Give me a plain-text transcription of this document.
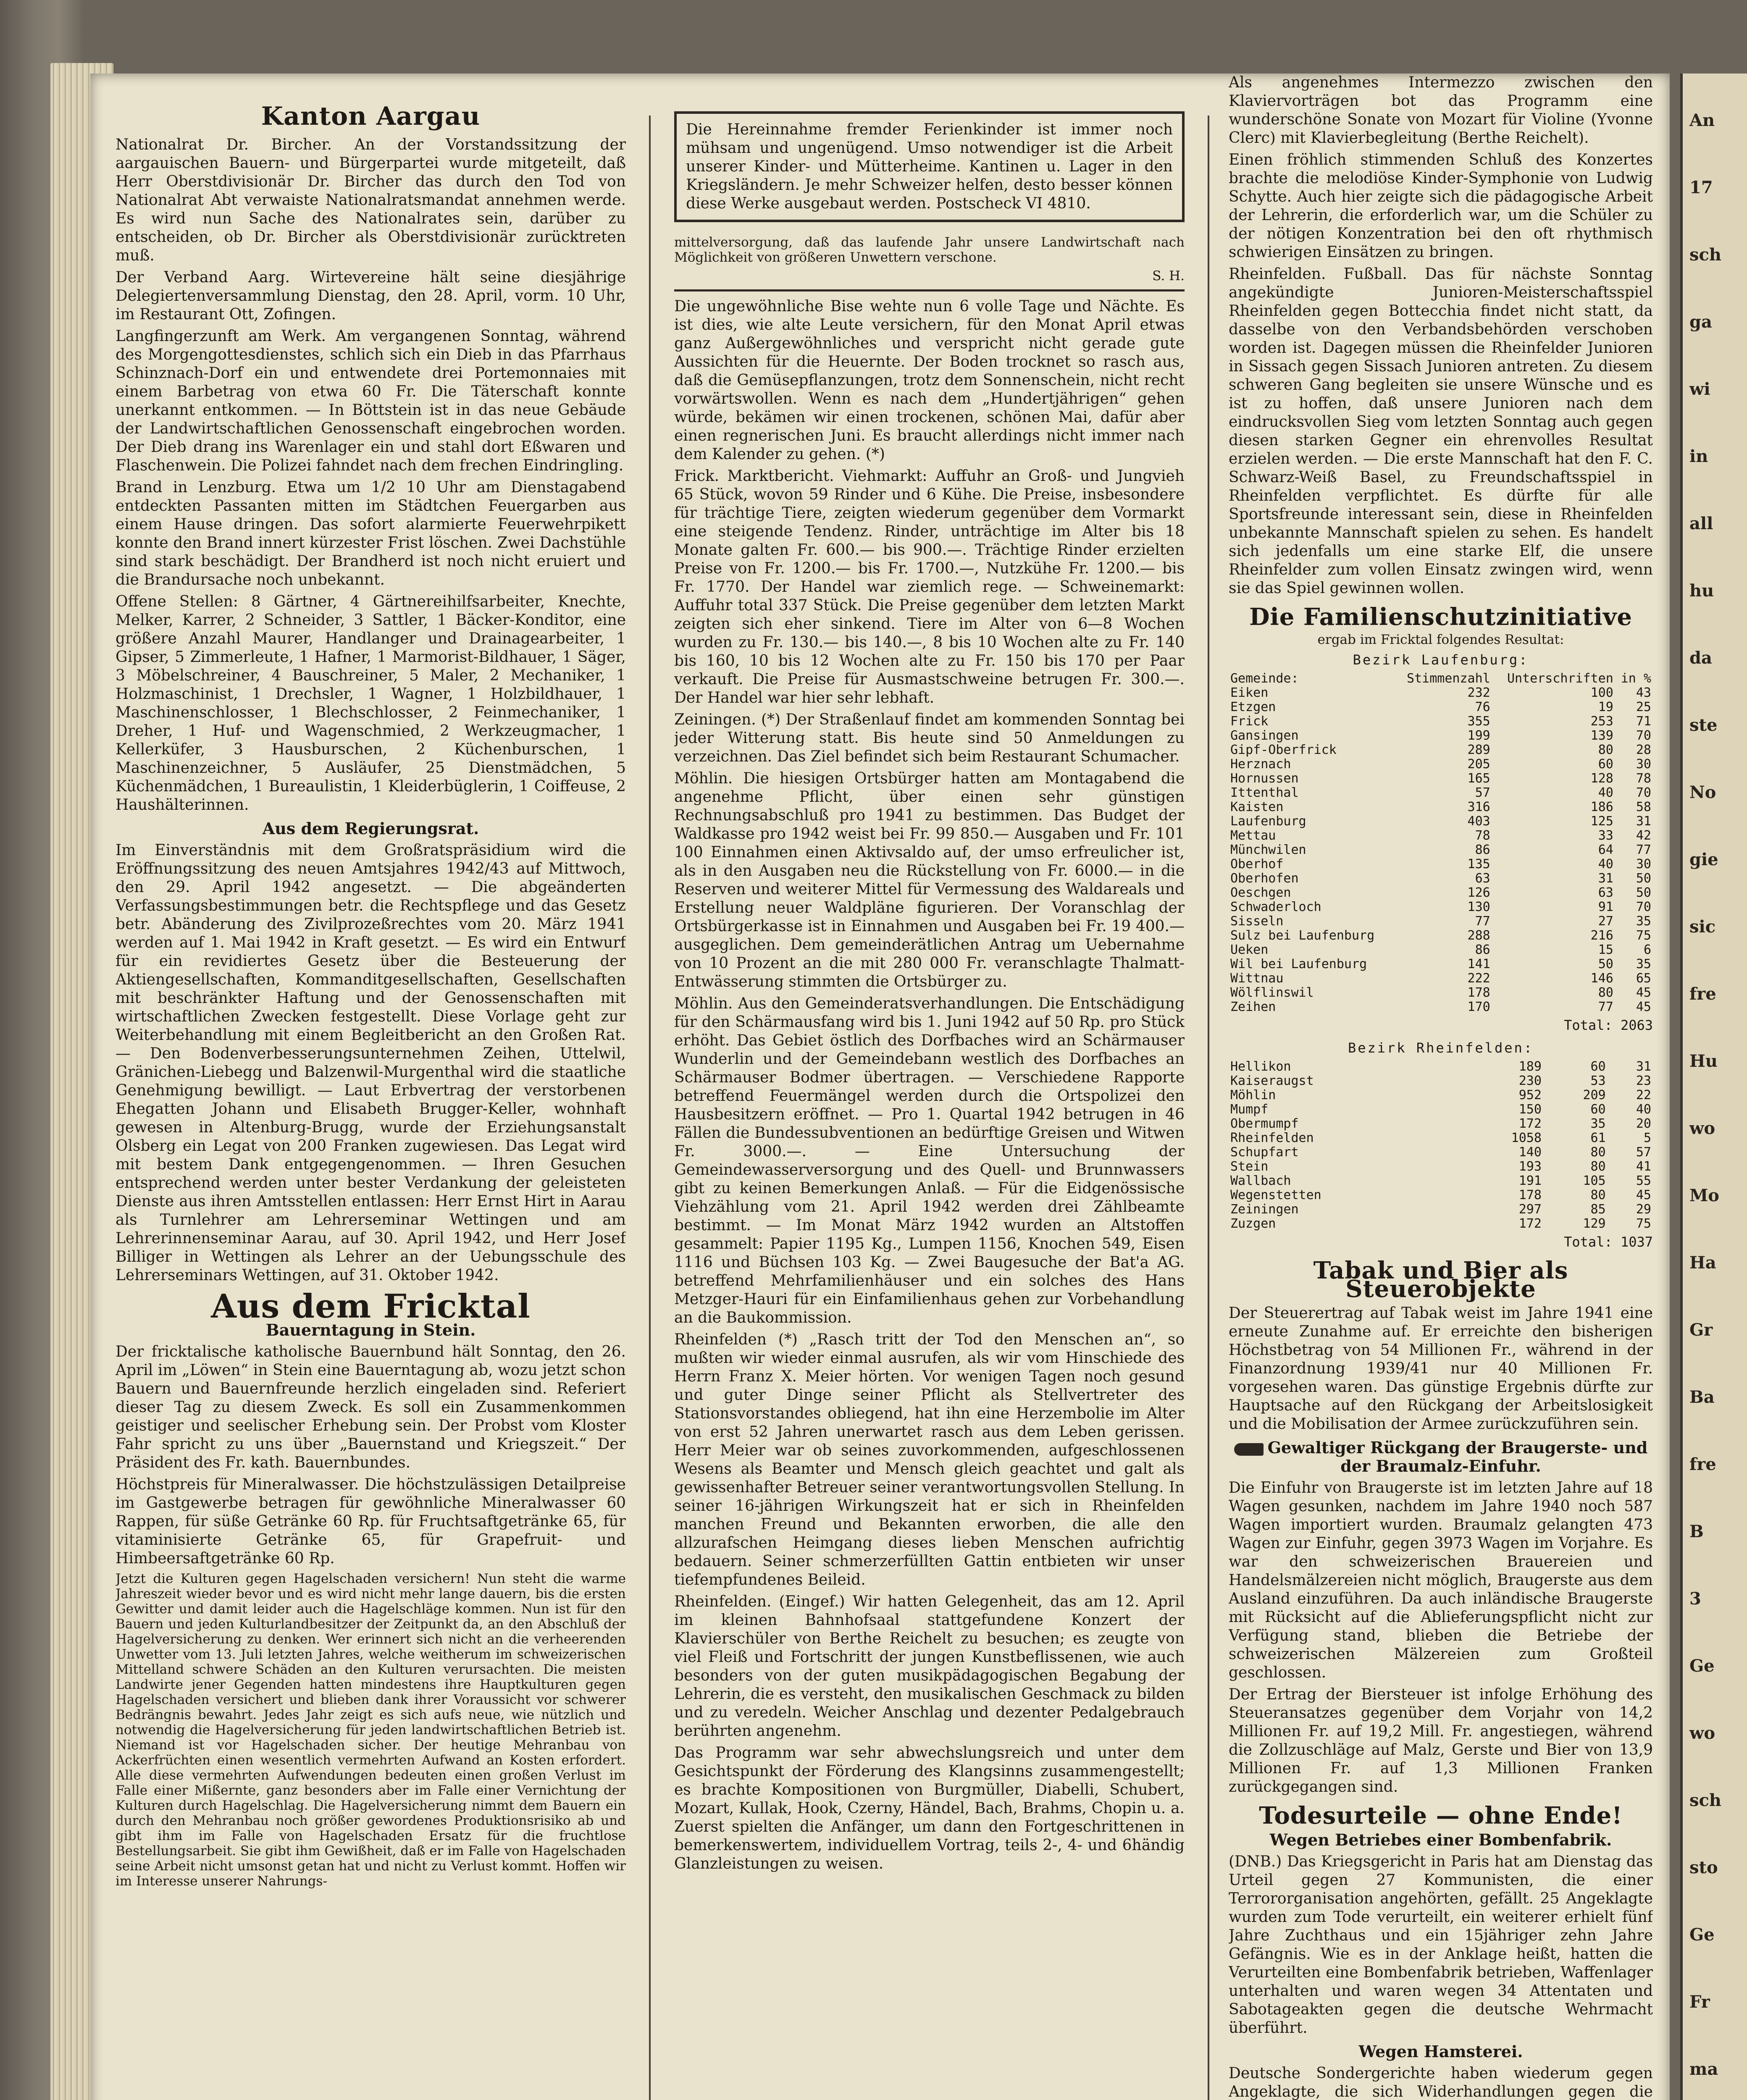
Kanton Aargau

Nationalrat Dr. Bircher. An der Vorstandssitzung der aargauischen Bauern- und Bürgerpartei wurde mitgeteilt, daß Herr Oberstdivisionär Dr. Bircher das durch den Tod von Nationalrat Abt verwaiste Nationalratsmandat annehmen werde. Es wird nun Sache des Nationalrates sein, darüber zu entscheiden, ob Dr. Bircher als Oberstdivisionär zurücktreten muß.

Der Verband Aarg. Wirtevereine hält seine diesjährige Delegiertenversammlung Dienstag, den 28. April, vorm. 10 Uhr, im Restaurant Ott, Zofingen.

Langfingerzunft am Werk. Am vergangenen Sonntag, während des Morgengottesdienstes, schlich sich ein Dieb in das Pfarrhaus Schinznach-Dorf ein und entwendete drei Portemonnaies mit einem Barbetrag von etwa 60 Fr. Die Täterschaft konnte unerkannt entkommen. — In Böttstein ist in das neue Gebäude der Landwirtschaftlichen Genossenschaft eingebrochen worden. Der Dieb drang ins Warenlager ein und stahl dort Eßwaren und Flaschenwein. Die Polizei fahndet nach dem frechen Eindringling.

Brand in Lenzburg. Etwa um 1/2 10 Uhr am Dienstagabend entdeckten Passanten mitten im Städtchen Feuergarben aus einem Hause dringen. Das sofort alarmierte Feuerwehrpikett konnte den Brand innert kürzester Frist löschen. Zwei Dachstühle sind stark beschädigt. Der Brandherd ist noch nicht eruiert und die Brandursache noch unbekannt.

Offene Stellen: 8 Gärtner, 4 Gärtnereihilfsarbeiter, Knechte, Melker, Karrer, 2 Schneider, 3 Sattler, 1 Bäcker-Konditor, eine größere Anzahl Maurer, Handlanger und Drainagearbeiter, 1 Gipser, 5 Zimmerleute, 1 Hafner, 1 Marmorist-Bildhauer, 1 Säger, 3 Möbelschreiner, 4 Bauschreiner, 5 Maler, 2 Mechaniker, 1 Holzmaschinist, 1 Drechsler, 1 Wagner, 1 Holzbildhauer, 1 Maschinenschlosser, 1 Blechschlosser, 2 Feinmechaniker, 1 Dreher, 1 Huf- und Wagenschmied, 2 Werkzeugmacher, 1 Kellerküfer, 3 Hausburschen, 2 Küchenburschen, 1 Maschinenzeichner, 5 Ausläufer, 25 Dienstmädchen, 5 Küchenmädchen, 1 Bureaulistin, 1 Kleiderbüglerin, 1 Coiffeuse, 2 Haushälterinnen.

Aus dem Regierungsrat.

Im Einverständnis mit dem Großratspräsidium wird die Eröffnungssitzung des neuen Amtsjahres 1942/43 auf Mittwoch, den 29. April 1942 angesetzt. — Die abgeänderten Verfassungsbestimmungen betr. die Rechtspflege und das Gesetz betr. Abänderung des Zivilprozeßrechtes vom 20. März 1941 werden auf 1. Mai 1942 in Kraft gesetzt. — Es wird ein Entwurf für ein revidiertes Gesetz über die Besteuerung der Aktiengesellschaften, Kommanditgesellschaften, Gesellschaften mit beschränkter Haftung und der Genossenschaften mit wirtschaftlichen Zwecken festgestellt. Diese Vorlage geht zur Weiterbehandlung mit einem Begleitbericht an den Großen Rat. — Den Bodenverbesserungsunternehmen Zeihen, Uttelwil, Gränichen-Liebegg und Balzenwil-Murgenthal wird die staatliche Genehmigung bewilligt. — Laut Erbvertrag der verstorbenen Ehegatten Johann und Elisabeth Brugger-Keller, wohnhaft gewesen in Altenburg-Brugg, wurde der Erziehungsanstalt Olsberg ein Legat von 200 Franken zugewiesen. Das Legat wird mit bestem Dank entgegengenommen. — Ihren Gesuchen entsprechend werden unter bester Verdankung der geleisteten Dienste aus ihren Amtsstellen entlassen: Herr Ernst Hirt in Aarau als Turnlehrer am Lehrerseminar Wettingen und am Lehrerinnenseminar Aarau, auf 30. April 1942, und Herr Josef Billiger in Wettingen als Lehrer an der Uebungsschule des Lehrerseminars Wettingen, auf 31. Oktober 1942.

Aus dem Fricktal
Bauerntagung in Stein.

Der fricktalische katholische Bauernbund hält Sonntag, den 26. April im „Löwen“ in Stein eine Bauerntagung ab, wozu jetzt schon Bauern und Bauernfreunde herzlich eingeladen sind. Referiert dieser Tag zu diesem Zweck. Es soll ein Zusammenkommen geistiger und seelischer Erhebung sein. Der Probst vom Kloster Fahr spricht zu uns über „Bauernstand und Kriegszeit.“ Der Präsident des Fr. kath. Bauernbundes.

Höchstpreis für Mineralwasser. Die höchstzulässigen Detailpreise im Gastgewerbe betragen für gewöhnliche Mineralwasser 60 Rappen, für süße Getränke 60 Rp. für Fruchtsaftgetränke 65, für vitaminisierte Getränke 65, für Grapefruit- und Himbeersaftgetränke 60 Rp.

Jetzt die Kulturen gegen Hagelschaden versichern! Nun steht die warme Jahreszeit wieder bevor und es wird nicht mehr lange dauern, bis die ersten Gewitter und damit leider auch die Hagelschläge kommen. Nun ist für den Bauern und jeden Kulturlandbesitzer der Zeitpunkt da, an den Abschluß der Hagelversicherung zu denken. Wer erinnert sich nicht an die verheerenden Unwetter vom 13. Juli letzten Jahres, welche weitherum im schweizerischen Mittelland schwere Schäden an den Kulturen verursachten. Die meisten Landwirte jener Gegenden hatten mindestens ihre Hauptkulturen gegen Hagelschaden versichert und blieben dank ihrer Voraussicht vor schwerer Bedrängnis bewahrt. Jedes Jahr zeigt es sich aufs neue, wie nützlich und notwendig die Hagelversicherung für jeden landwirtschaftlichen Betrieb ist. Niemand ist vor Hagelschaden sicher. Der heutige Mehranbau von Ackerfrüchten einen wesentlich vermehrten Aufwand an Kosten erfordert. Alle diese vermehrten Aufwendungen bedeuten einen großen Verlust im Falle einer Mißernte, ganz besonders aber im Falle einer Vernichtung der Kulturen durch Hagelschlag. Die Hagelversicherung nimmt dem Bauern ein durch den Mehranbau noch größer gewordenes Produktionsrisiko ab und gibt ihm im Falle von Hagelschaden Ersatz für die fruchtlose Bestellungsarbeit. Sie gibt ihm Gewißheit, daß er im Falle von Hagelschaden seine Arbeit nicht umsonst getan hat und nicht zu Verlust kommt. Hoffen wir im Interesse unserer Nahrungs-

Die Hereinnahme fremder Ferienkinder ist immer noch mühsam und ungenügend. Umso notwendiger ist die Arbeit unserer Kinder- und Mütterheime. Kantinen u. Lager in den Kriegsländern. Je mehr Schweizer helfen, desto besser können diese Werke ausgebaut werden. Postscheck VI 4810.

mittelversorgung, daß das laufende Jahr unsere Landwirtschaft nach Möglichkeit von größeren Unwettern verschone.

S. H.

Die ungewöhnliche Bise wehte nun 6 volle Tage und Nächte. Es ist dies, wie alte Leute versichern, für den Monat April etwas ganz Außergewöhnliches und verspricht nicht gerade gute Aussichten für die Heuernte. Der Boden trocknet so rasch aus, daß die Gemüsepflanzungen, trotz dem Sonnenschein, nicht recht vorwärtswollen. Wenn es nach dem „Hundertjährigen“ gehen würde, bekämen wir einen trockenen, schönen Mai, dafür aber einen regnerischen Juni. Es braucht allerdings nicht immer nach dem Kalender zu gehen. (*)

Frick. Marktbericht. Viehmarkt: Auffuhr an Groß- und Jungvieh 65 Stück, wovon 59 Rinder und 6 Kühe. Die Preise, insbesondere für trächtige Tiere, zeigten wiederum gegenüber dem Vormarkt eine steigende Tendenz. Rinder, unträchtige im Alter bis 18 Monate galten Fr. 600.— bis 900.—. Trächtige Rinder erzielten Preise von Fr. 1200.— bis Fr. 1700.—, Nutzkühe Fr. 1200.— bis Fr. 1770. Der Handel war ziemlich rege. — Schweinemarkt: Auffuhr total 337 Stück. Die Preise gegenüber dem letzten Markt zeigten sich eher sinkend. Tiere im Alter von 6—8 Wochen wurden zu Fr. 130.— bis 140.—, 8 bis 10 Wochen alte zu Fr. 140 bis 160, 10 bis 12 Wochen alte zu Fr. 150 bis 170 per Paar verkauft. Die Preise für Ausmastschweine betrugen Fr. 300.—. Der Handel war hier sehr lebhaft.

Zeiningen. (*) Der Straßenlauf findet am kommenden Sonntag bei jeder Witterung statt. Bis heute sind 50 Anmeldungen zu verzeichnen. Das Ziel befindet sich beim Restaurant Schumacher.

Möhlin. Die hiesigen Ortsbürger hatten am Montagabend die angenehme Pflicht, über einen sehr günstigen Rechnungsabschluß pro 1941 zu bestimmen. Das Budget der Waldkasse pro 1942 weist bei Fr. 99 850.— Ausgaben und Fr. 101 100 Einnahmen einen Aktivsaldo auf, der umso erfreulicher ist, als in den Ausgaben neu die Rückstellung von Fr. 6000.— in die Reserven und weiterer Mittel für Vermessung des Waldareals und Erstellung neuer Waldpläne figurieren. Der Voranschlag der Ortsbürgerkasse ist in Einnahmen und Ausgaben bei Fr. 19 400.— ausgeglichen. Dem gemeinderätlichen Antrag um Uebernahme von 10 Prozent an die mit 280 000 Fr. veranschlagte Thalmatt-Entwässerung stimmten die Ortsbürger zu.

Möhlin. Aus den Gemeinderatsverhandlungen. Die Entschädigung für den Schärmausfang wird bis 1. Juni 1942 auf 50 Rp. pro Stück erhöht. Das Gebiet östlich des Dorfbaches wird an Schärmauser Wunderlin und der Gemeindebann westlich des Dorfbaches an Schärmauser Bodmer übertragen. — Verschiedene Rapporte betreffend Feuermängel werden durch die Ortspolizei den Hausbesitzern eröffnet. — Pro 1. Quartal 1942 betrugen in 46 Fällen die Bundessubventionen an bedürftige Greisen und Witwen Fr. 3000.—. — Eine Untersuchung der Gemeindewasserversorgung und des Quell- und Brunnwassers gibt zu keinen Bemerkungen Anlaß. — Für die Eidgenössische Viehzählung vom 21. April 1942 werden drei Zählbeamte bestimmt. — Im Monat März 1942 wurden an Altstoffen gesammelt: Papier 1195 Kg., Lumpen 1156, Knochen 549, Eisen 1116 und Büchsen 103 Kg. — Zwei Baugesuche der Bat'a AG. betreffend Mehrfamilienhäuser und ein solches des Hans Metzger-Hauri für ein Einfamilienhaus gehen zur Vorbehandlung an die Baukommission.

Rheinfelden (*) „Rasch tritt der Tod den Menschen an“, so mußten wir wieder einmal ausrufen, als wir vom Hinschiede des Herrn Franz X. Meier hörten. Vor wenigen Tagen noch gesund und guter Dinge seiner Pflicht als Stellvertreter des Stationsvorstandes obliegend, hat ihn eine Herzembolie im Alter von erst 52 Jahren unerwartet rasch aus dem Leben gerissen. Herr Meier war ob seines zuvorkommenden, aufgeschlossenen Wesens als Beamter und Mensch gleich geachtet und galt als gewissenhafter Betreuer seiner verantwortungsvollen Stellung. In seiner 16-jährigen Wirkungszeit hat er sich in Rheinfelden manchen Freund und Bekannten erworben, die alle den allzurafschen Heimgang dieses lieben Menschen aufrichtig bedauern. Seiner schmerzerfüllten Gattin entbieten wir unser tiefempfundenes Beileid.

Rheinfelden. (Eingef.) Wir hatten Gelegenheit, das am 12. April im kleinen Bahnhofsaal stattgefundene Konzert der Klavierschüler von Berthe Reichelt zu besuchen; es zeugte von viel Fleiß und Fortschritt der jungen Kunstbeflissenen, wie auch besonders von der guten musikpädagogischen Begabung der Lehrerin, die es versteht, den musikalischen Geschmack zu bilden und zu veredeln. Weicher Anschlag und dezenter Pedalgebrauch berührten angenehm.

Das Programm war sehr abwechslungsreich und unter dem Gesichtspunkt der Förderung des Klangsinns zusammengestellt; es brachte Kompositionen von Burgmüller, Diabelli, Schubert, Mozart, Kullak, Hook, Czerny, Händel, Bach, Brahms, Chopin u. a. Zuerst spielten die Anfänger, um dann den Fortgeschrittenen in bemerkenswertem, individuellem Vortrag, teils 2-, 4- und 6händig Glanzleistungen zu weisen.

Als angenehmes Intermezzo zwischen den Klaviervorträgen bot das Programm eine wunderschöne Sonate von Mozart für Violine (Yvonne Clerc) mit Klavierbegleitung (Berthe Reichelt).

Einen fröhlich stimmenden Schluß des Konzertes brachte die melodiöse Kinder-Symphonie von Ludwig Schytte. Auch hier zeigte sich die pädagogische Arbeit der Lehrerin, die erforderlich war, um die Schüler zu der nötigen Konzentration bei den oft rhythmisch schwierigen Einsätzen zu bringen.

Rheinfelden. Fußball. Das für nächste Sonntag angekündigte Junioren-Meisterschaftsspiel Rheinfelden gegen Bottecchia findet nicht statt, da dasselbe von den Verbandsbehörden verschoben worden ist. Dagegen müssen die Rheinfelder Junioren in Sissach gegen Sissach Junioren antreten. Zu diesem schweren Gang begleiten sie unsere Wünsche und es ist zu hoffen, daß unsere Junioren nach dem eindrucksvollen Sieg vom letzten Sonntag auch gegen diesen starken Gegner ein ehrenvolles Resultat erzielen werden. — Die erste Mannschaft hat den F. C. Schwarz-Weiß Basel, zu Freundschaftsspiel in Rheinfelden verpflichtet. Es dürfte für alle Sportsfreunde interessant sein, diese in Rheinfelden unbekannte Mannschaft spielen zu sehen. Es handelt sich jedenfalls um eine starke Elf, die unsere Rheinfelder zum vollen Einsatz zwingen wird, wenn sie das Spiel gewinnen wollen.

Die Familienschutzinitiative
ergab im Fricktal folgendes Resultat:
Bezirk Laufenburg:
Gemeinde:	Stimmenzahl	Unterschriften	in %
Eiken	232	100	43
Etzgen	76	19	25
Frick	355	253	71
Gansingen	199	139	70
Gipf-Oberfrick	289	80	28
Herznach	205	60	30
Hornussen	165	128	78
Ittenthal	57	40	70
Kaisten	316	186	58
Laufenburg	403	125	31
Mettau	78	33	42
Münchwilen	86	64	77
Oberhof	135	40	30
Oberhofen	63	31	50
Oeschgen	126	63	50
Schwaderloch	130	91	70
Sisseln	77	27	35
Sulz bei Laufenburg	288	216	75
Ueken	86	15	6
Wil bei Laufenburg	141	50	35
Wittnau	222	146	65
Wölflinswil	178	80	45
Zeihen	170	77	45
Total: 2063
Bezirk Rheinfelden:
Hellikon	189	60	31
Kaiseraugst	230	53	23
Möhlin	952	209	22
Mumpf	150	60	40
Obermumpf	172	35	20
Rheinfelden	1058	61	5
Schupfart	140	80	57
Stein	193	80	41
Wallbach	191	105	55
Wegenstetten	178	80	45
Zeiningen	297	85	29
Zuzgen	172	129	75
Total: 1037
Tabak und Bier als Steuerobjekte

Der Steuerertrag auf Tabak weist im Jahre 1941 eine erneute Zunahme auf. Er erreichte den bisherigen Höchstbetrag von 54 Millionen Fr., während in der Finanzordnung 1939/41 nur 40 Millionen Fr. vorgesehen waren. Das günstige Ergebnis dürfte zur Hauptsache auf den Rückgang der Arbeitslosigkeit und die Mobilisation der Armee zurückzuführen sein.

Gewaltiger Rückgang der Braugerste- und der Braumalz-Einfuhr.

Die Einfuhr von Braugerste ist im letzten Jahre auf 18 Wagen gesunken, nachdem im Jahre 1940 noch 587 Wagen importiert wurden. Braumalz gelangten 473 Wagen zur Einfuhr, gegen 3973 Wagen im Vorjahre. Es war den schweizerischen Brauereien und Handelsmälzereien nicht möglich, Braugerste aus dem Ausland einzuführen. Da auch inländische Braugerste mit Rücksicht auf die Ablieferungspflicht nicht zur Verfügung stand, blieben die Betriebe der schweizerischen Mälzereien zum Großteil geschlossen.

Der Ertrag der Biersteuer ist infolge Erhöhung des Steueransatzes gegenüber dem Vorjahr von 14,2 Millionen Fr. auf 19,2 Mill. Fr. angestiegen, während die Zollzuschläge auf Malz, Gerste und Bier von 13,9 Millionen Fr. auf 1,3 Millionen Franken zurückgegangen sind.

Todesurteile — ohne Ende!
Wegen Betriebes einer Bombenfabrik.

(DNB.) Das Kriegsgericht in Paris hat am Dienstag das Urteil gegen 27 Kommunisten, die einer Terrororganisation angehörten, gefällt. 25 Angeklagte wurden zum Tode verurteilt, ein weiterer erhielt fünf Jahre Zuchthaus und ein 15jähriger zehn Jahre Gefängnis. Wie es in der Anklage heißt, hatten die Verurteilten eine Bombenfabrik betrieben, Waffenlager unterhalten und waren wegen 34 Attentaten und Sabotageakten gegen die deutsche Wehrmacht überführt.

Wegen Hamsterei.

Deutsche Sondergerichte haben wiederum gegen Angeklagte, die sich Widerhandlungen gegen die

An
17
sch
ga
wi
in
all
hu
da
ste
No
gie
sic
fre
Hu
wo
Mo
Ha
Gr
Ba
fre
B
3
Ge
wo
sch
sto
Ge
Fr
ma
